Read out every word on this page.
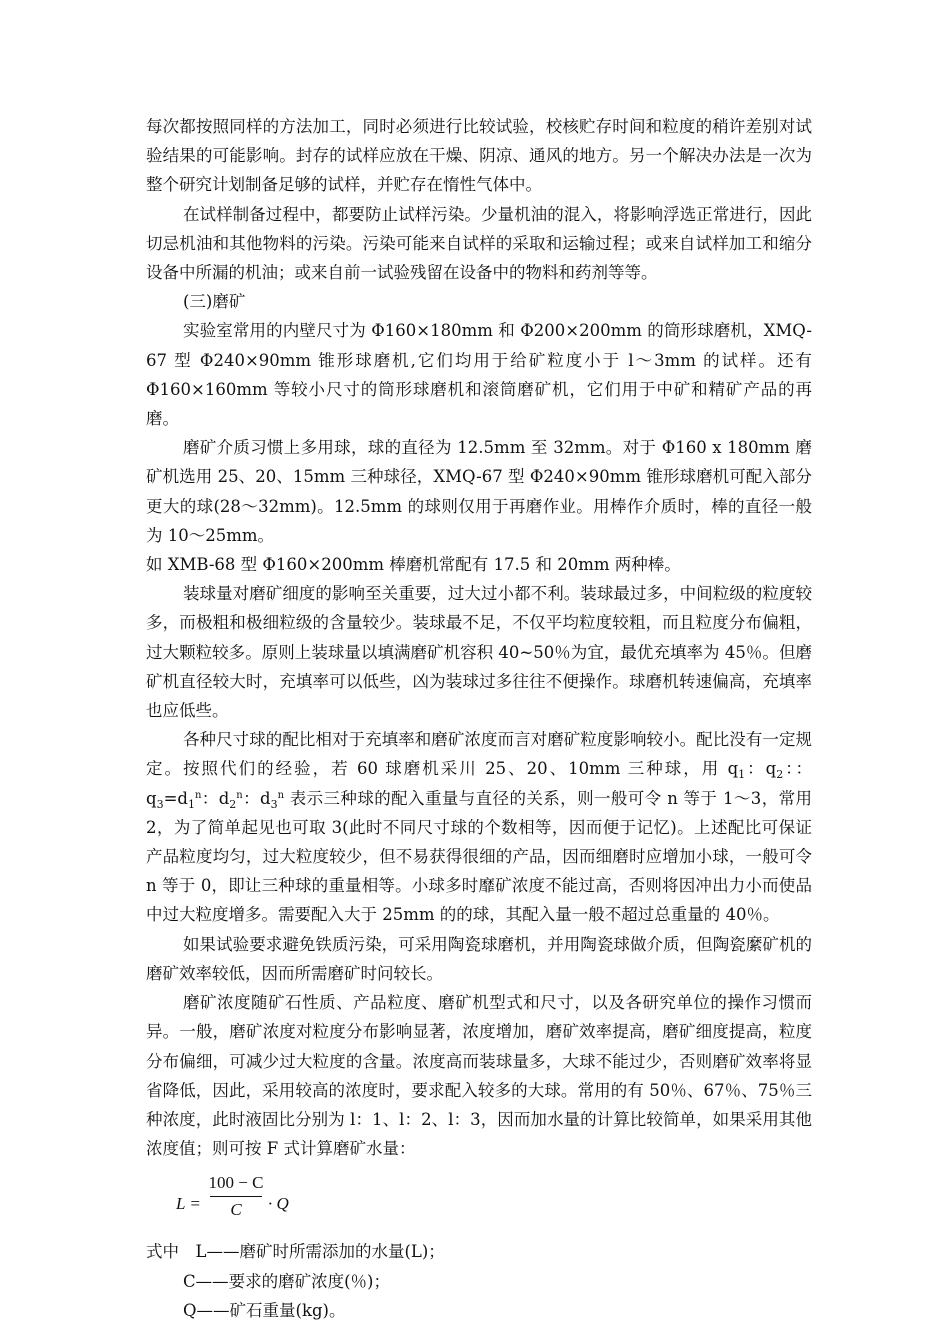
每次都按照同样的方法加工，同时必须进行比较试验，校核贮存时间和粒度的稍许差别对试验结果的可能影响。封存的试样应放在干燥、阴凉、通风的地方。另一个解决办法是一次为整个研究计划制备足够的试样，并贮存在惰性气体中。

在试样制备过程中，都要防止试样污染。少量机油的混入，将影响浮选正常进行，因此切忌机油和其他物料的污染。污染可能来自试样的采取和运输过程；或来自试样加工和缩分设备中所漏的机油；或来自前一试验残留在设备中的物料和药剂等等。

(三)磨矿

实验室常用的内壁尺寸为 Φ160×180mm 和 Φ200×200mm 的筒形球磨机，XMQ-67 型 Φ240×90mm 锥形球磨机,它们均用于给矿粒度小于 l～3mm 的试样。还有 Φ160×160mm 等较小尺寸的筒形球磨机和滚筒磨矿机，它们用于中矿和精矿产品的再磨。

磨矿介质习惯上多用球，球的直径为 12.5mm 至 32mm。对于 Φ160 x 180mm 磨矿机选用 25、20、15mm 三种球径，XMQ-67 型 Φ240×90mm 锥形球磨机可配入部分更大的球(28～32mm)。12.5mm 的球则仅用于再磨作业。用棒作介质时，棒的直径一般为 10～25mm。

如 XMB-68 型 Φ160×200mm 棒磨机常配有 17.5 和 20mm 两种棒。

装球量对磨矿细度的影响至关重要，过大过小都不利。装球最过多，中间粒级的粒度较多，而极粗和极细粒级的含量较少。装球最不足，不仅平均粒度较粗，而且粒度分布偏粗，过大颗粒较多。原则上装球量以填满磨矿机容积 40~50％为宜，最优充填率为 45％。但磨矿机直径较大时，充填率可以低些，凶为装球过多往往不便操作。球磨机转速偏高，充填率也应低些。

各种尺寸球的配比相对于充填率和磨矿浓度而言对磨矿粒度影响较小。配比没有一定规定。按照代们的经验，若 60 球磨机采川 25、20、10mm 三种球，用 $q_1$：$q_2$：：$q_3=d_1^n$：$d_2^n$：$d_3^n$ 表示三种球的配入重量与直径的关系，则一般可令 n 等于 1～3，常用 2，为了简单起见也可取 3(此时不同尺寸球的个数相等，因而便于记忆)。上述配比可保证产品粒度均匀，过大粒度较少，但不易获得很细的产品，因而细磨时应增加小球，一般可令 n 等于 0，即让三种球的重量相等。小球多时靡矿浓度不能过高，否则将因冲出力小而使品中过大粒度增多。需要配入大于 25mm 的的球，其配入量一般不超过总重量的 40％。

如果试验要求避免铁质污染，可采用陶瓷球磨机，并用陶瓷球做介质，但陶瓷縻矿机的磨矿效率较低，因而所需磨矿时问较长。

磨矿浓度随矿石性质、产品粒度、磨矿机型式和尺寸，以及各研究单位的操作习惯而异。一般，磨矿浓度对粒度分布影响显著，浓度增加，磨矿效率提高，磨矿细度提高，粒度分布偏细，可减少过大粒度的含量。浓度高而装球量多，大球不能过少，否则磨矿效率将显省降低，因此，采用较高的浓度时，要求配入较多的大球。常用的有 50％、67％、75％三种浓度，此时液固比分别为 l：1、l：2、l：3，因而加水量的计算比较简单，如果采用其他浓度值；则可按 F 式计算磨矿水量：

L =
100 − C
C	· Q

式中　L——磨矿时所需添加的水量(L)；

C——要求的磨矿浓度(％)；

Q——矿石重量(kg)。
